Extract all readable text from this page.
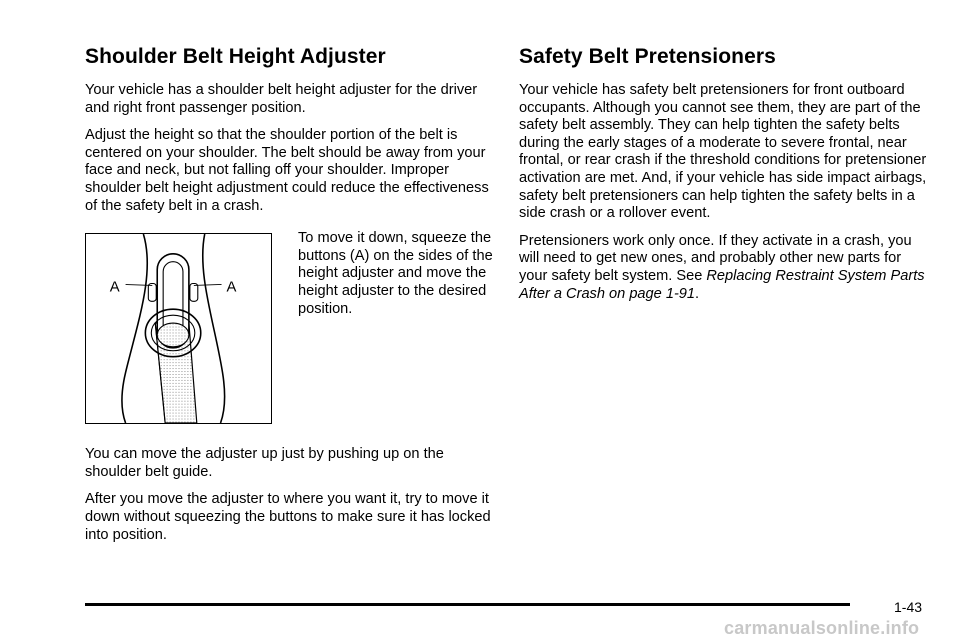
Shoulder Belt Height Adjuster

Your vehicle has a shoulder belt height adjuster for the driver and right front passenger position.

Adjust the height so that the shoulder portion of the belt is centered on your shoulder. The belt should be away from your face and neck, but not falling off your shoulder. Improper shoulder belt height adjustment could reduce the effectiveness of the safety belt in a crash.

A	A

To move it down, squeeze the buttons (A) on the sides of the height adjuster and move the height adjuster to the desired position.

You can move the adjuster up just by pushing up on the shoulder belt guide.

After you move the adjuster to where you want it, try to move it down without squeezing the buttons to make sure it has locked into position.

Safety Belt Pretensioners

Your vehicle has safety belt pretensioners for front outboard occupants. Although you cannot see them, they are part of the safety belt assembly. They can help tighten the safety belts during the early stages of a moderate to severe frontal, near frontal, or rear crash if the threshold conditions for pretensioner activation are met. And, if your vehicle has side impact airbags, safety belt pretensioners can help tighten the safety belts in a side crash or a rollover event.

Pretensioners work only once. If they activate in a crash, you will need to get new ones, and probably other new parts for your safety belt system. See Replacing Restraint System Parts After a Crash on page 1-91.

1-43
carmanualsonline.info
